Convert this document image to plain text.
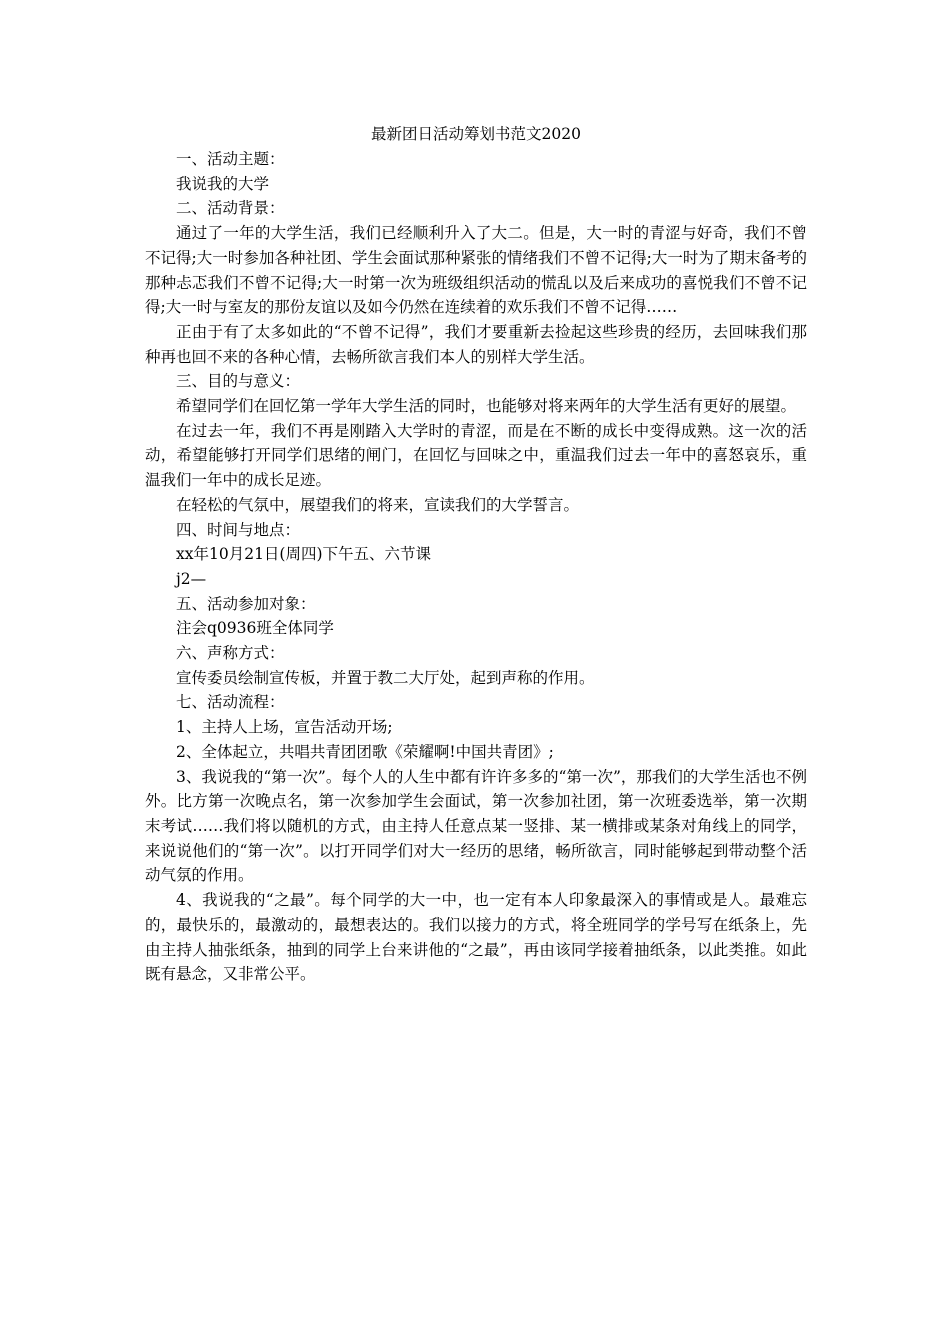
最新团日活动筹划书范文2020

一、活动主题：

我说我的大学

二、活动背景：

通过了一年的大学生活，我们已经顺利升入了大二。但是，大一时的青涩与好奇，我们不曾不记得;大一时参加各种社团、学生会面试那种紧张的情绪我们不曾不记得;大一时为了期末备考的那种忐忑我们不曾不记得;大一时第一次为班级组织活动的慌乱以及后来成功的喜悦我们不曾不记得;大一时与室友的那份友谊以及如今仍然在连续着的欢乐我们不曾不记得……

正由于有了太多如此的“不曾不记得”，我们才要重新去捡起这些珍贵的经历，去回味我们那种再也回不来的各种心情，去畅所欲言我们本人的别样大学生活。

三、目的与意义：

希望同学们在回忆第一学年大学生活的同时，也能够对将来两年的大学生活有更好的展望。

在过去一年，我们不再是刚踏入大学时的青涩，而是在不断的成长中变得成熟。这一次的活动，希望能够打开同学们思绪的闸门，在回忆与回味之中，重温我们过去一年中的喜怒哀乐，重温我们一年中的成长足迹。

在轻松的气氛中，展望我们的将来，宣读我们的大学誓言。

四、时间与地点：

xx年10月21日(周四)下午五、六节课

j2—

五、活动参加对象：

注会q0936班全体同学

六、声称方式：

宣传委员绘制宣传板，并置于教二大厅处，起到声称的作用。

七、活动流程：

1、主持人上场，宣告活动开场;

2、全体起立，共唱共青团团歌《荣耀啊!中国共青团》;

3、我说我的“第一次”。每个人的人生中都有许许多多的“第一次”，那我们的大学生活也不例外。比方第一次晚点名，第一次参加学生会面试，第一次参加社团，第一次班委选举，第一次期末考试……我们将以随机的方式，由主持人任意点某一竖排、某一横排或某条对角线上的同学，来说说他们的“第一次”。以打开同学们对大一经历的思绪，畅所欲言，同时能够起到带动整个活动气氛的作用。

4、我说我的“之最”。每个同学的大一中，也一定有本人印象最深入的事情或是人。最难忘的，最快乐的，最激动的，最想表达的。我们以接力的方式，将全班同学的学号写在纸条上，先由主持人抽张纸条，抽到的同学上台来讲他的“之最”，再由该同学接着抽纸条，以此类推。如此既有悬念，又非常公平。
